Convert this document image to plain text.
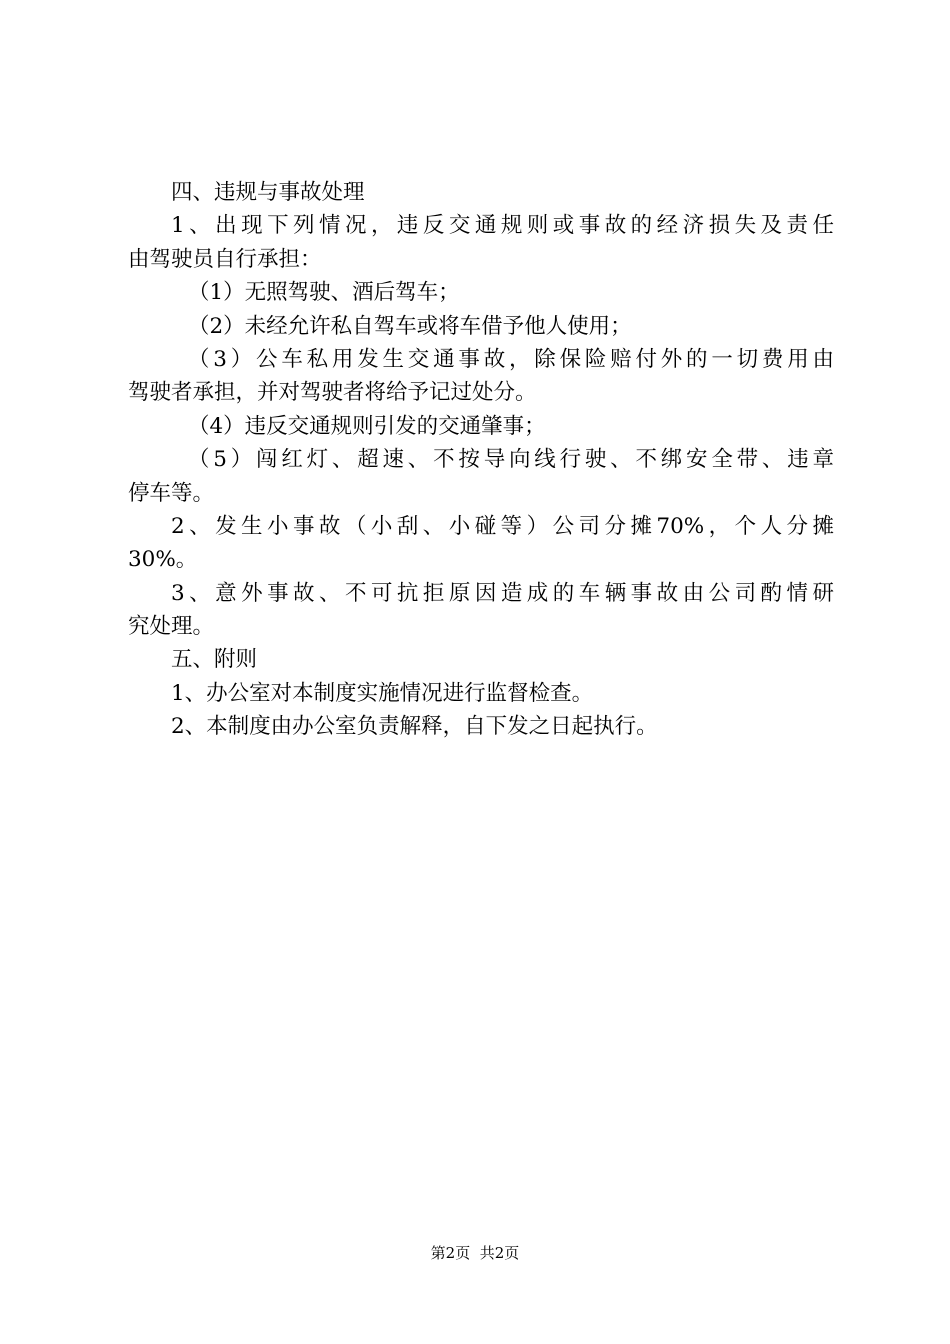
四、违规与事故处理
1、出现下列情况，违反交通规则或事故的经济损失及责任
由驾驶员自行承担：
（1）无照驾驶、酒后驾车；
（2）未经允许私自驾车或将车借予他人使用；
（3）公车私用发生交通事故，除保险赔付外的一切费用由
驾驶者承担，并对驾驶者将给予记过处分。
（4）违反交通规则引发的交通肇事；
（5）闯红灯、超速、不按导向线行驶、不绑安全带、违章
停车等。
2、发生小事故（小刮、小碰等）公司分摊70%，个人分摊
30%。
3、意外事故、不可抗拒原因造成的车辆事故由公司酌情研
究处理。
五、附则
1、办公室对本制度实施情况进行监督检查。
2、本制度由办公室负责解释，自下发之日起执行。
第2页 共2页
